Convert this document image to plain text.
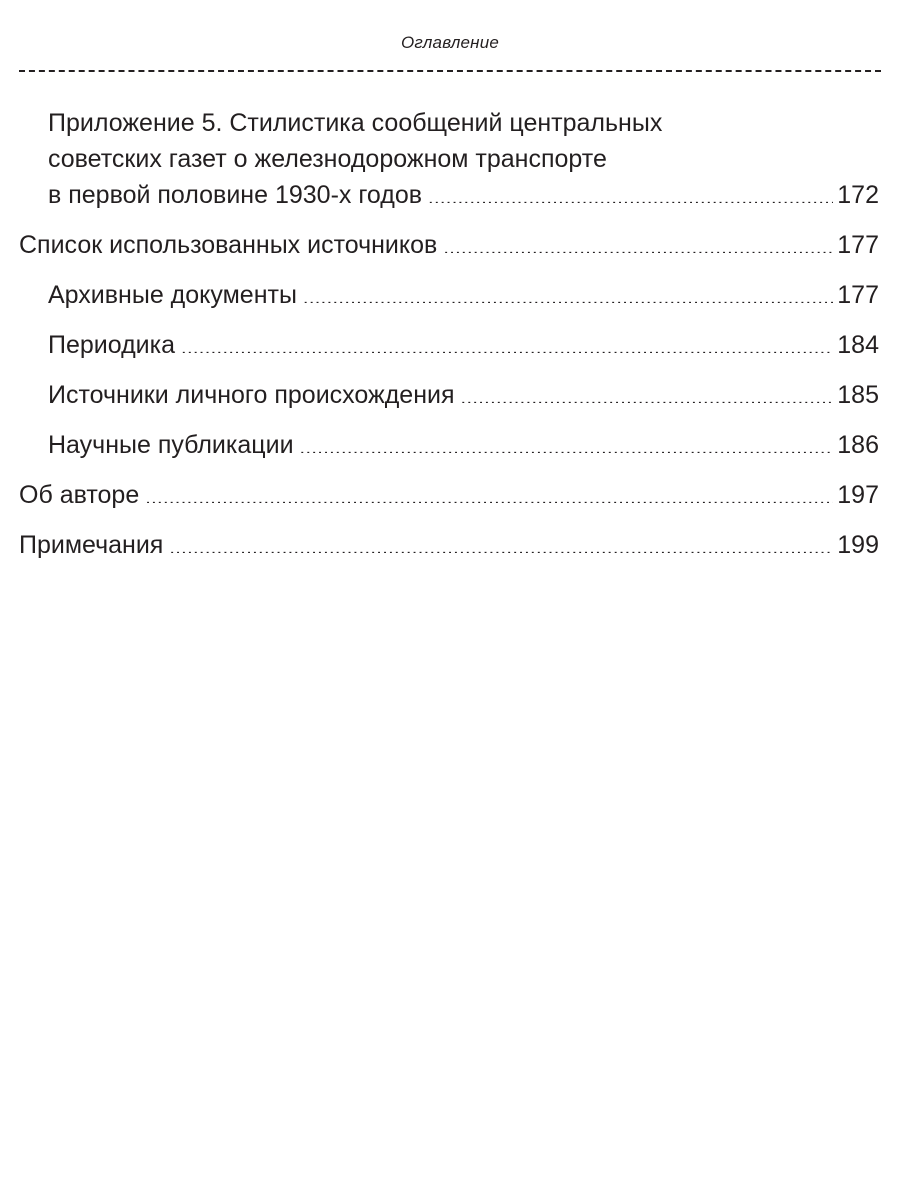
Оглавление
Приложение 5. Стилистика сообщений центральных
советских газет о железнодорожном транспорте
в первой половине 1930-х годов . . .	172
Список использованных источников . . .	177
Архивные документы . . .	177
Периодика . . .	184
Источники личного происхождения . . .	185
Научные публикации . . .	186
Об авторе . . .	197
Примечания . . .	199
